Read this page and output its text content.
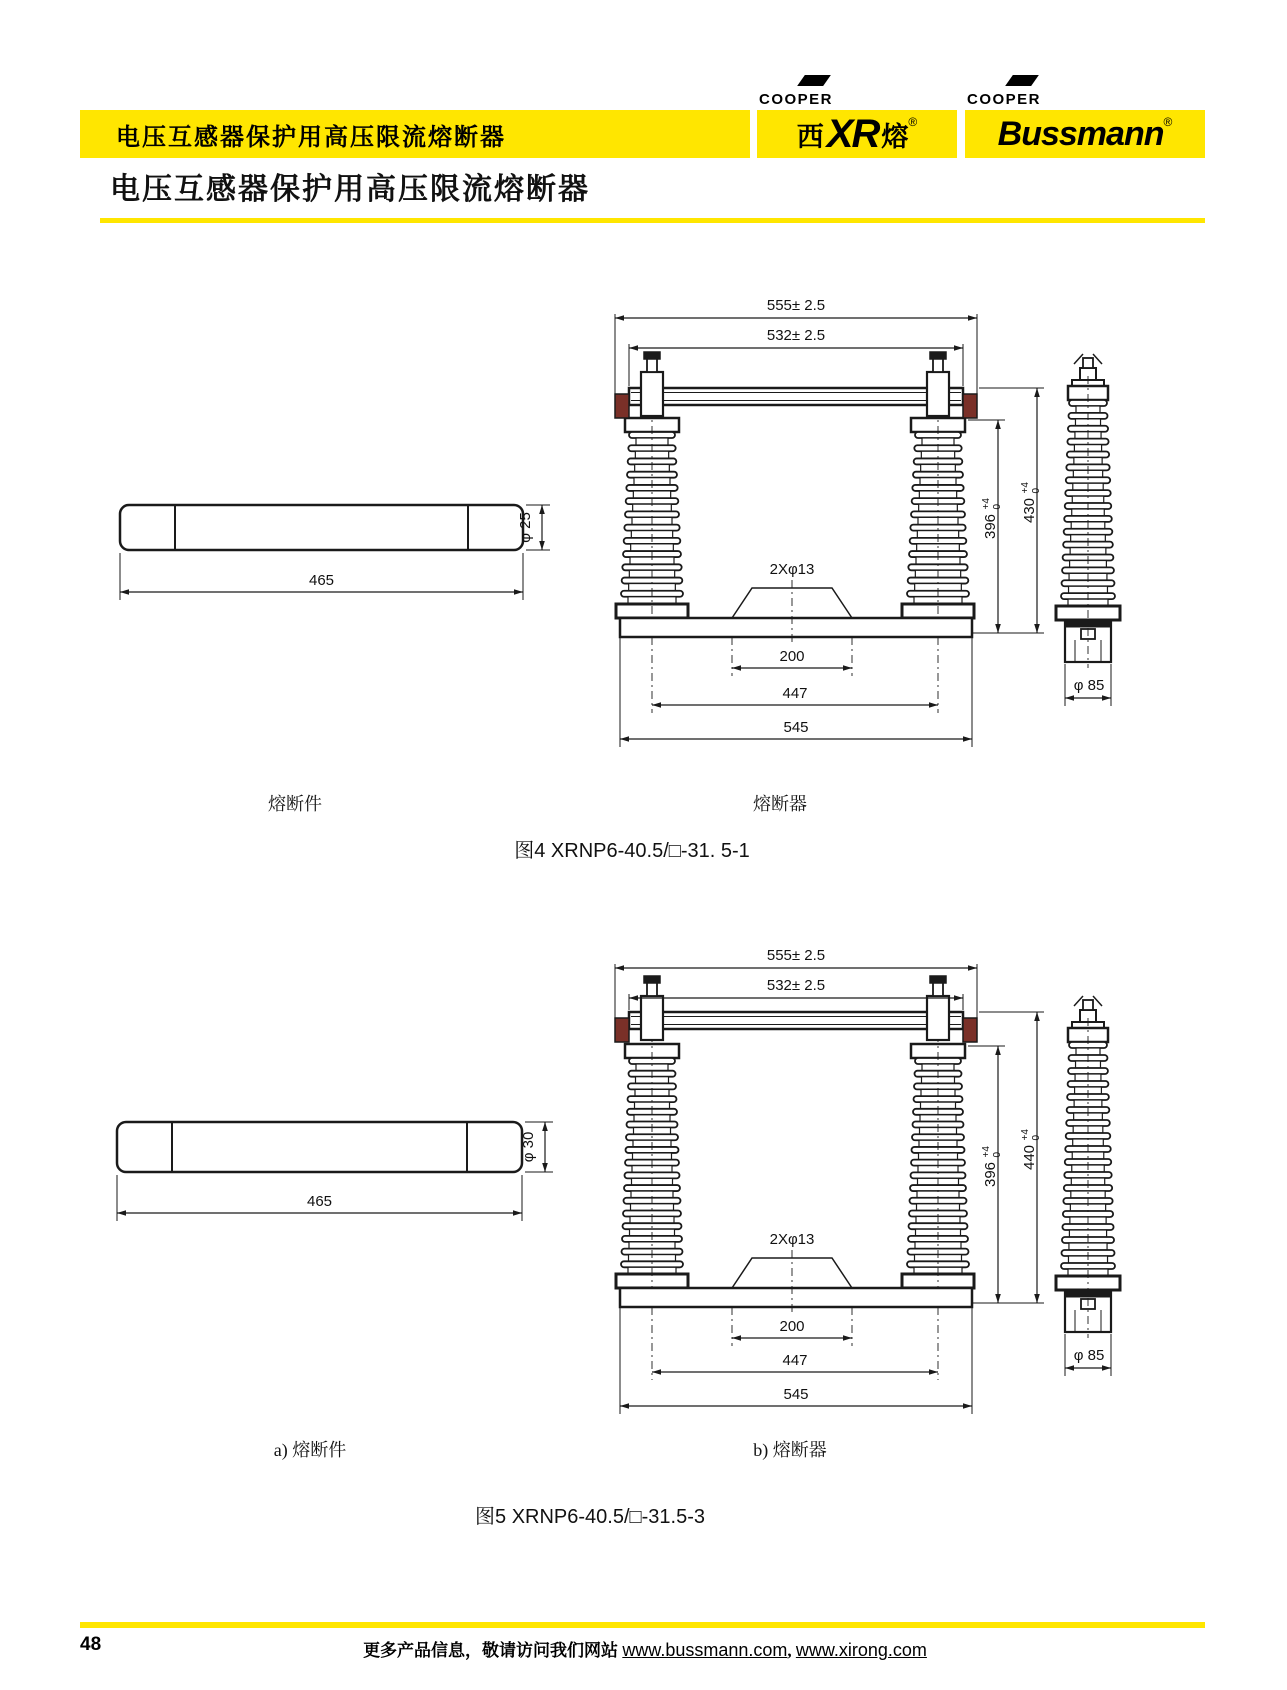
电压互感器保护用高压限流熔断器
COOPER
西 XR 熔 ®
COOPER
Bussmann ®
电压互感器保护用高压限流熔断器
φ 25
465
555± 2.5
532± 2.5
2Xφ13
200
447
545
396
+4 0 430
+4 0
φ 85
熔断件	熔断器
图4 XRNP6-40.5/□-31. 5-1
φ 30
465
555± 2.5
532± 2.5
2Xφ13
200
447
545
396
+4 0 440
+4 0
φ 85
a) 熔断件	b) 熔断器
图5 XRNP6-40.5/□-31.5-3
48	更多产品信息，敬请访问我们网站 www.bussmann.com, www.xirong.com
